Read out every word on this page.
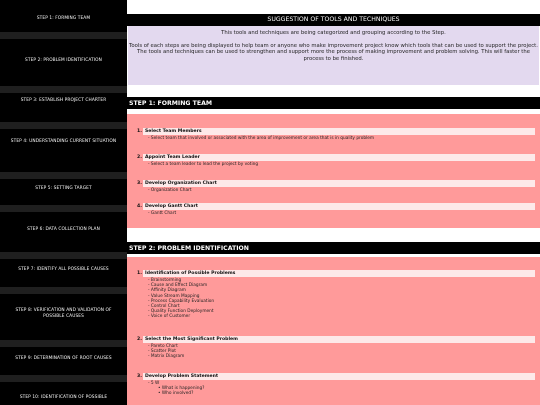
STEP 1: FORMING TEAM
STEP 2: PROBLEM IDENTIFICATION
STEP 3: ESTABLISH PROJECT CHARTER
STEP 4: UNDERSTANDING CURRENT SITUATION
STEP 5: SETTING TARGET
STEP 6: DATA COLLECTION PLAN
STEP 7: IDENTIFY ALL POSSIBLE CAUSES
STEP 8: VERIFICATION AND VALIDATION OF POSSIBLE CAUSES
STEP 9: DETERMINATION OF ROOT CAUSES
STEP 10: IDENTIFICATION OF POSSIBLE
SUGGESTION OF TOOLS AND TECHNIQUES

This tools and techniques are being categorized and grouping according to the Step.

Tools of each steps are being displayed to help team or anyone who make improvement project know which tools that can be used to support the project.

The tools and techniques can be used to strengthen and support more the process of making improvement and problem solving. This will faster the process to be finished.

STEP 1: FORMING TEAM
1. Select Team Members
- Select team that involved or associated with the area of improvement or area that is in quality problem
2. Appoint Team Leader
- Select a team leader to lead the project by voting
3. Develop Organization Chart
- Organization Chart
4. Develop Gantt Chart
- Gantt Chart
STEP 2: PROBLEM IDENTIFICATION
1. Identification of Possible Problems
- Brainstorming
- Cause and Effect Diagram
- Affinity Diagram
- Value Stream Mapping
- Process Capability Evaluation
- Control Chart
- Quality Function Deployment
- Voice of Customer
2. Select the Most Significant Problem
- Pareto Chart
- Scatter Plot
- Matrix Diagram
3. Develop Problem Statement
- 5 W
• What is happening?
• Who involved?
